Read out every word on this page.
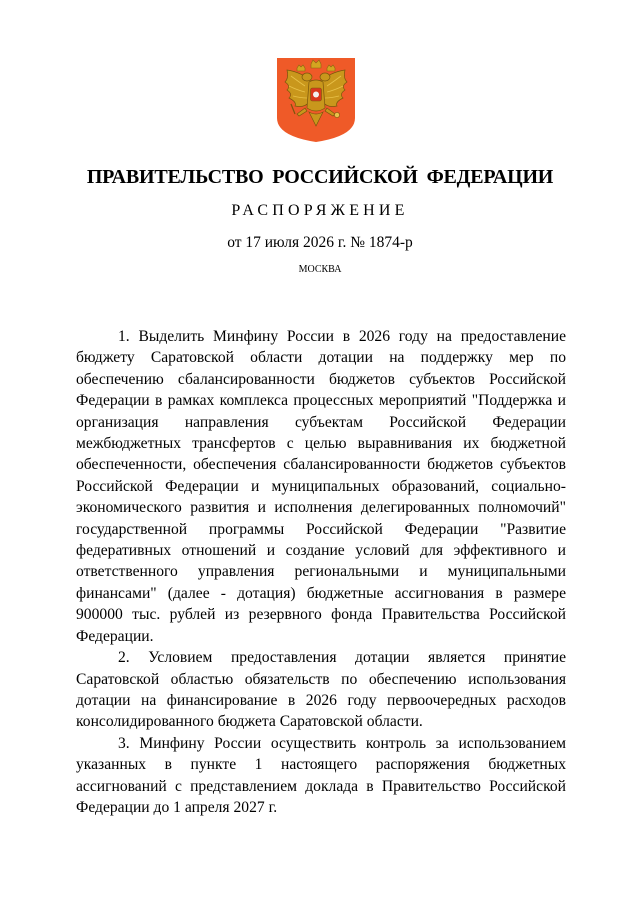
ПРАВИТЕЛЬСТВО РОССИЙСКОЙ ФЕДЕРАЦИИ
РАСПОРЯЖЕНИЕ
от 17 июля 2026 г. № 1874-р
МОСКВА

1. Выделить Минфину России в 2026 году на предоставление бюджету Саратовской области дотации на поддержку мер по обеспечению сбалансированности бюджетов субъектов Российской Федерации в рамках комплекса процессных мероприятий "Поддержка и организация направления субъектам Российской Федерации межбюджетных трансфертов с целью выравнивания их бюджетной обеспеченности, обеспечения сбалансированности бюджетов субъектов Российской Федерации и муниципальных образований, социально-экономического развития и исполнения делегированных полномочий" государственной программы Российской Федерации "Развитие федеративных отношений и создание условий для эффективного и ответственного управления региональными и муниципальными финансами" (далее - дотация) бюджетные ассигнования в размере 900000 тыс. рублей из резервного фонда Правительства Российской Федерации.

2. Условием предоставления дотации является принятие Саратовской областью обязательств по обеспечению использования дотации на финансирование в 2026 году первоочередных расходов консолидированного бюджета Саратовской области.

3. Минфину России осуществить контроль за использованием указанных в пункте 1 настоящего распоряжения бюджетных ассигнований с представлением доклада в Правительство Российской Федерации до 1 апреля 2027 г.
